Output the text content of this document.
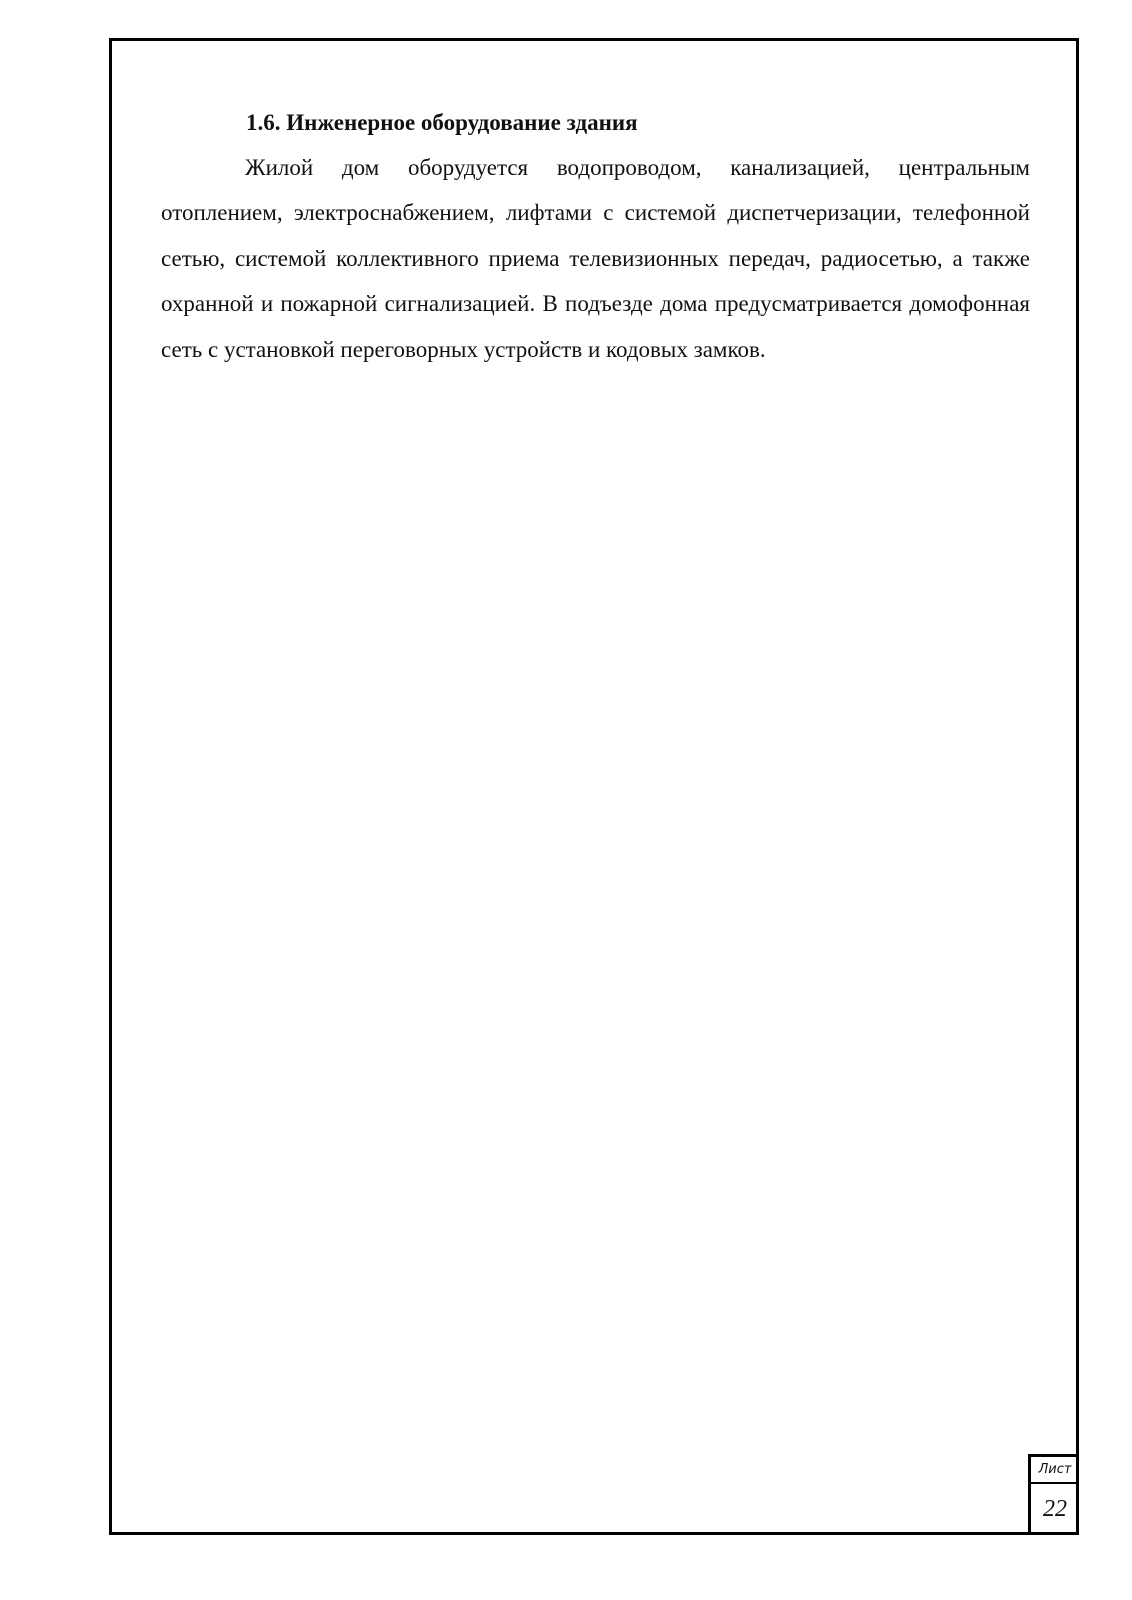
1.6. Инженерное оборудование здания

Жилой дом оборудуется водопроводом, канализацией, центральным отоплением, электроснабжением, лифтами с системой диспетчеризации, телефонной сетью, системой коллективного приема телевизионных передач, радиосетью, а также охранной и пожарной сигнализацией. В подъезде дома предусматривается домофонная сеть с установкой переговорных устройств и кодовых замков.

Лист
22
